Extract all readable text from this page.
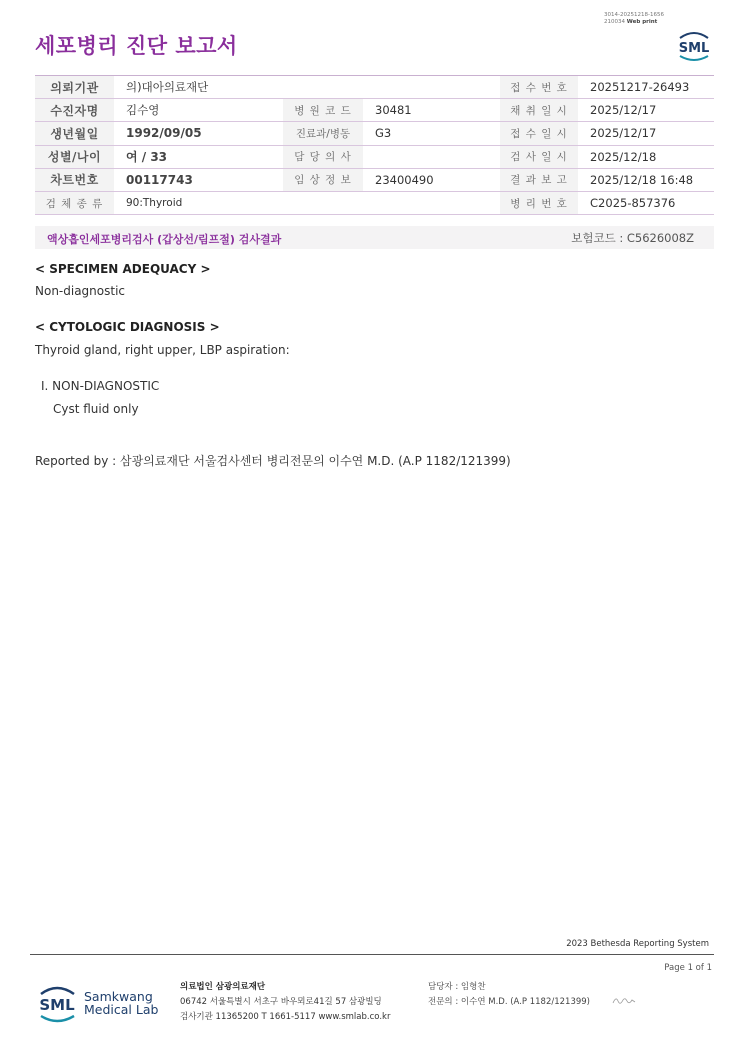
3014-20251218-1656
210034 Web print
세포병리 진단 보고서	SML
의뢰기관	의)대아의료재단			접 수 번 호	20251217-26493
수진자명	김수영	병 원 코 드	30481	채 취 일 시	2025/12/17
생년월일	1992/09/05	진료과/병동	G3	접 수 일 시	2025/12/17
성별/나이	여 / 33	담 당 의 사		검 사 일 시	2025/12/18
차트번호	00117743	임 상 정 보	23400490	결 과 보 고	2025/12/18 16:48
검 체 종 류	90:Thyroid			병 리 번 호	C2025-857376
액상흡인세포병리검사 (갑상선/림프절) 검사결과	보험코드 : C5626008Z
< SPECIMEN ADEQUACY >
Non-diagnostic
< CYTOLOGIC DIAGNOSIS >
Thyroid gland, right upper, LBP aspiration:
I. NON-DIAGNOSTIC
Cyst fluid only
Reported by : 삼광의료재단 서울검사센터 병리전문의 이수연 M.D. (A.P 1182/121399)
2023 Bethesda Reporting System
Page 1 of 1
SML Samkwang
Medical Lab
의료법인 삼광의료재단
06742 서울특별시 서초구 바우뫼로41길 57 삼광빌딩
검사기관 11365200 T 1661-5117 www.smlab.co.kr
담당자 : 임형찬
전문의 : 이수연 M.D. (A.P 1182/121399)
